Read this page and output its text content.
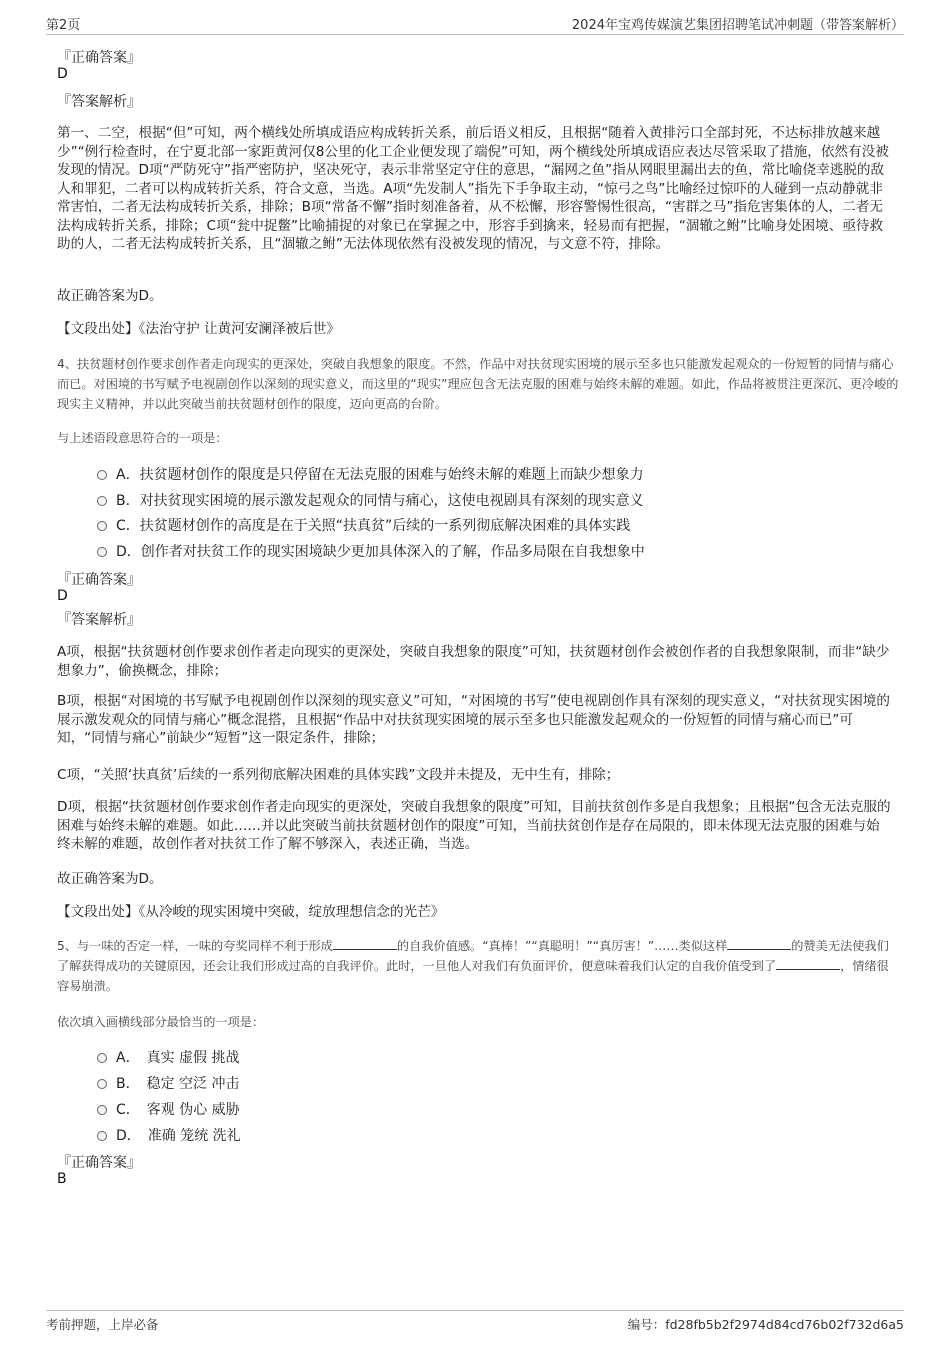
第2页	2024年宝鸡传媒演艺集团招聘笔试冲刺题（带答案解析）
『正确答案』
D
『答案解析』
第一、二空，根据“但”可知，两个横线处所填成语应构成转折关系，前后语义相反，且根据“随着入黄排污口全部封死，不达标排放越来越少”“例行检查时，在宁夏北部一家距黄河仅8公里的化工企业便发现了端倪”可知，两个横线处所填成语应表达尽管采取了措施，依然有没被发现的情况。D项“严防死守”指严密防护，坚决死守，表示非常坚定守住的意思，“漏网之鱼”指从网眼里漏出去的鱼，常比喻侥幸逃脱的敌人和罪犯，二者可以构成转折关系，符合文意，当选。A项“先发制人”指先下手争取主动，“惊弓之鸟”比喻经过惊吓的人碰到一点动静就非常害怕，二者无法构成转折关系，排除；B项“常备不懈”指时刻准备着，从不松懈，形容警惕性很高，“害群之马”指危害集体的人，二者无法构成转折关系，排除；C项“瓮中捉鳖”比喻捕捉的对象已在掌握之中，形容手到擒来，轻易而有把握，“涸辙之鲋”比喻身处困境、亟待救助的人，二者无法构成转折关系，且“涸辙之鲋”无法体现依然有没被发现的情况，与文意不符，排除。
故正确答案为D。
【文段出处】《法治守护 让黄河安澜泽被后世》
4、扶贫题材创作要求创作者走向现实的更深处，突破自我想象的限度。不然，作品中对扶贫现实困境的展示至多也只能激发起观众的一份短暂的同情与痛心而已。对困境的书写赋予电视剧创作以深刻的现实意义，而这里的“现实”理应包含无法克服的困难与始终未解的难题。如此，作品将被贯注更深沉、更冷峻的现实主义精神，并以此突破当前扶贫题材创作的限度，迈向更高的台阶。
与上述语段意思符合的一项是：
A．扶贫题材创作的限度是只停留在无法克服的困难与始终未解的难题上而缺少想象力
B．对扶贫现实困境的展示激发起观众的同情与痛心，这使电视剧具有深刻的现实意义
C．扶贫题材创作的高度是在于关照“扶真贫”后续的一系列彻底解决困难的具体实践
D．创作者对扶贫工作的现实困境缺少更加具体深入的了解，作品多局限在自我想象中
『正确答案』
D
『答案解析』
A项，根据“扶贫题材创作要求创作者走向现实的更深处，突破自我想象的限度”可知，扶贫题材创作会被创作者的自我想象限制，而非“缺少想象力”，偷换概念，排除；
B项，根据“对困境的书写赋予电视剧创作以深刻的现实意义”可知，“对困境的书写”使电视剧创作具有深刻的现实意义，“对扶贫现实困境的展示激发观众的同情与痛心”概念混搭，且根据“作品中对扶贫现实困境的展示至多也只能激发起观众的一份短暂的同情与痛心而已”可知，“同情与痛心”前缺少“短暂”这一限定条件，排除；
C项，“关照‘扶真贫’后续的一系列彻底解决困难的具体实践”文段并未提及，无中生有，排除；
D项，根据“扶贫题材创作要求创作者走向现实的更深处，突破自我想象的限度”可知，目前扶贫创作多是自我想象；且根据“包含无法克服的困难与始终未解的难题。如此……并以此突破当前扶贫题材创作的限度”可知，当前扶贫创作是存在局限的，即未体现无法克服的困难与始终未解的难题，故创作者对扶贫工作了解不够深入，表述正确，当选。
故正确答案为D。
【文段出处】《从冷峻的现实困境中突破，绽放理想信念的光芒》
5、与一味的否定一样，一味的夸奖同样不利于形成	的自我价值感。“真棒！”“真聪明！”“真厉害！”……类似这样	的赞美无法使我们了解获得成功的关键原因，还会让我们形成过高的自我评价。此时，一旦他人对我们有负面评价，便意味着我们认定的自我价值受到了	，情绪很容易崩溃。
依次填入画横线部分最恰当的一项是：
A．　真实 虚假 挑战
B．　稳定 空泛 冲击
C．　客观 伪心 威胁
D．　准确 笼统 洗礼
『正确答案』
B
考前押题，上岸必备	编号：fd28fb5b2f2974d84cd76b02f732d6a5
